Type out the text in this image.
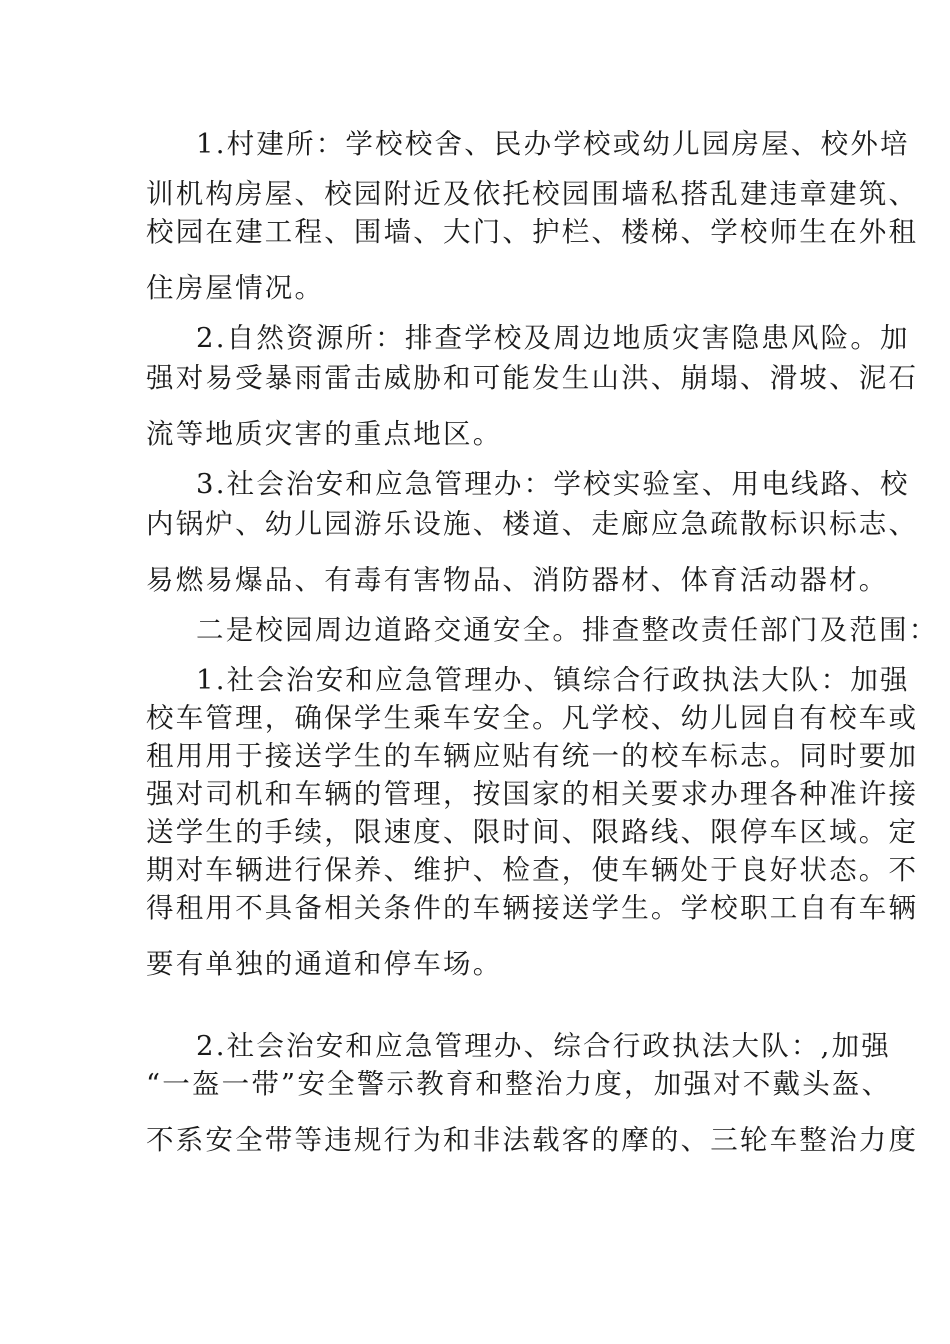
1.村建所：学校校舍、民办学校或幼儿园房屋、校外培
训机构房屋、校园附近及依托校园围墙私搭乱建违章建筑、
校园在建工程、围墙、大门、护栏、楼梯、学校师生在外租
住房屋情况。
2.自然资源所：排查学校及周边地质灾害隐患风险。加
强对易受暴雨雷击威胁和可能发生山洪、崩塌、滑坡、泥石
流等地质灾害的重点地区。
3.社会治安和应急管理办：学校实验室、用电线路、校
内锅炉、幼儿园游乐设施、楼道、走廊应急疏散标识标志、
易燃易爆品、有毒有害物品、消防器材、体育活动器材。
二是校园周边道路交通安全。排查整改责任部门及范围：
1.社会治安和应急管理办、镇综合行政执法大队：加强
校车管理，确保学生乘车安全。凡学校、幼儿园自有校车或
租用用于接送学生的车辆应贴有统一的校车标志。同时要加
强对司机和车辆的管理，按国家的相关要求办理各种准许接
送学生的手续，限速度、限时间、限路线、限停车区域。定
期对车辆进行保养、维护、检查，使车辆处于良好状态。不
得租用不具备相关条件的车辆接送学生。学校职工自有车辆
要有单独的通道和停车场。
2.社会治安和应急管理办、综合行政执法大队：,加强
“一盔一带”安全警示教育和整治力度，加强对不戴头盔、
不系安全带等违规行为和非法载客的摩的、三轮车整治力度
